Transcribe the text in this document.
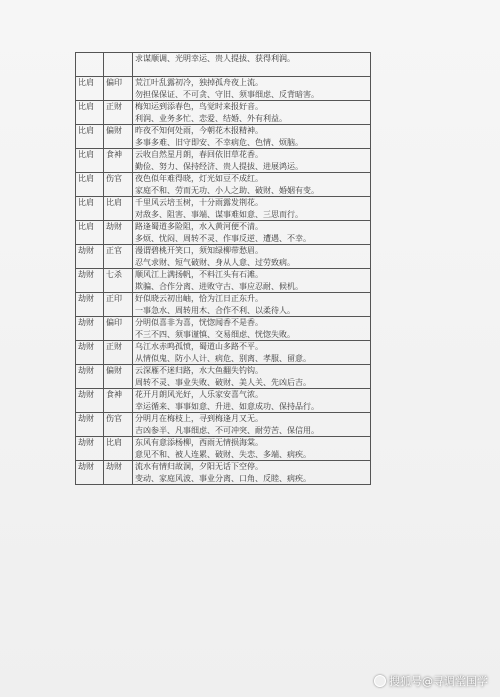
		求谋顺调、光明幸运、贵人提拔、获得利润。

比肩	偏印	荒江叶乱露初冷，独掉孤舟夜上流。
勿担保保证、不可贪、守旧、须事细虑、反背暗害。

比肩	正财	梅知运到添春色，鸟觉时来报好音。
利润、业务多忙、恋爱、结婚、外有利益。

比肩	偏财	昨夜不知何处雨，今朝花木报精神。
多事多难、旧守即安、不幸病危、色情、烦脑。

比肩	食神	云收自然星月朗，春回依旧草花香。
勤俭、努力、保持经济、贵人提拔、进展鸿运。

比肩	伤官	夜色似年难得晓，灯光如豆不成红。
家庭不和、劳而无功、小人之助、破财、婚姻有变。

比肩	比肩	千里风云培玉树，十分雨露发荆花。
对敌多、阻害、事端、谋事难如意、三思而行。

比肩	劫财	路逢蜀道多险阻，水入黄河便不清。
多烦、忧闷、周转不灵、作事反逆、遭遇、不幸。

劫财	正官	漫谓碧桃开笑口，须知绿柳带愁眉。
忍气求财、短气破财、身从人意、过劳致病。

劫财	七杀	顺风江上满扬帆，不料江头有石滩。
欺骗、合作分离、进败守古、事应忍耐、候机。

劫财	正印	好似晓云初出岫，恰为江日正东升。
一事急水、周转用木、合作不利、以柔待人。

劫财	偏印	分明似喜非为喜，恍惚闻香不是香。
不三不四、须事谨慎、交易细虑、恍惚失败。

劫财	正财	乌江水赤鸣孤愤，蜀道山多路不平。
从情似鬼、防小人计、病危、别离、孝服、留意。

劫财	偏财	云深雁不迷归路，水大鱼翻失钓钩。
周转不灵、事业失败、破财、美人关、先凶后吉。

劫财	食神	花开月朗风光好，人乐家安喜气浓。
幸运循来、事事如意、升进、如意成功、保持品行。

劫财	伤官	分明月在梅枝上，寻到梅逢月又无。
吉凶参半、凡事细虑、不可冲突、耐劳苦、保信用。

劫财	比肩	东风有意添杨柳，西雨无情损海棠。
意见不和、被人连累、破财、失恋、多端、病疾。

劫财	劫财	流水有情归故洞，夕阳无话下空停。
变动、家庭风波、事业分离、口角、反睦、病疾。
搜狐号@寻调堂国学
